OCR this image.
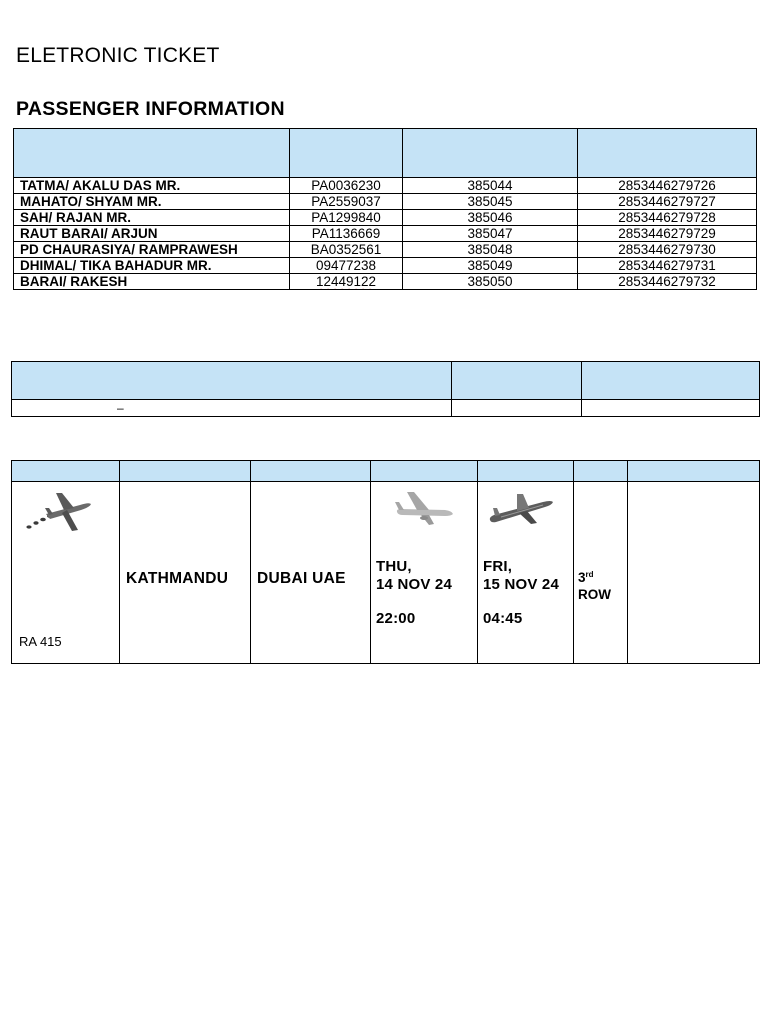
ELETRONIC TICKET
PASSENGER INFORMATION

TATMA/ AKALU DAS MR.	PA0036230	385044	2853446279726
MAHATO/ SHYAM MR.	PA2559037	385045	2853446279727
SAH/ RAJAN MR.	PA1299840	385046	2853446279728
RAUT BARAI/ ARJUN	PA1136669	385047	2853446279729
PD CHAURASIYA/ RAMPRAWESH	BA0352561	385048	2853446279730
DHIMAL/ TIKA BAHADUR MR.	09477238	385049	2853446279731
BARAI/ RAKESH	12449122	385050	2853446279732

–		

RA 415	KATHMANDU	DUBAI UAE	THU,
14 NOV 24
22:00	FRI,
15 NOV 24
04:45	3rd
ROW	
